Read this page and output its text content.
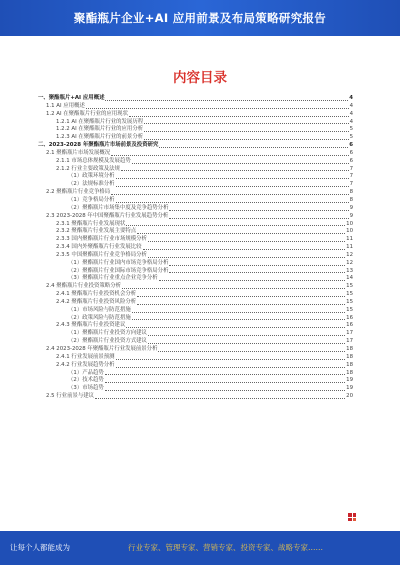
聚酯瓶片企业+AI 应用前景及布局策略研究报告
内容目录
一、聚酯瓶片+AI 应用概述	4
1.1 AI 应用概述	4
1.2 AI 在聚酯瓶片行业的应用现状	4
1.2.1 AI 在聚酯瓶片行业的发展历程	4
1.2.2 AI 在聚酯瓶片行业的应用分析	5
1.2.3 AI 在聚酯瓶片行业的前景分析	5
二、2023-2028 年聚酯瓶片市场前景及投资研究	6
2.1 聚酯瓶片市场发展概况	6
2.1.1 市场总体规模及发展趋势	6
2.1.2 行业主要政策及法规	7
（1）政策环境分析	7
（2）法规标准分析	7
2.2 聚酯瓶片行业竞争格局	8
（1）竞争格局分析	8
（2）聚酯瓶片市场集中度及竞争趋势分析	9
2.3 2023-2028 年中国聚酯瓶片行业发展趋势分析	9
2.3.1 聚酯瓶片行业发展现状	10
2.3.2 聚酯瓶片行业发展主要特点	10
2.3.3 国内聚酯瓶片行业市场规模分析	11
2.3.4 国内外聚酯瓶片行业发展比较	11
2.3.5 中国聚酯瓶片行业竞争格局分析	12
（1）聚酯瓶片行业国内市场竞争格局分析	12
（2）聚酯瓶片行业国际市场竞争格局分析	13
（3）聚酯瓶片行业重点企业竞争分析	14
2.4 聚酯瓶片行业投资策略分析	15
2.4.1 聚酯瓶片行业投资机会分析	15
2.4.2 聚酯瓶片行业投资风险分析	15
（1）市场风险与防范措施	15
（2）政策风险与防范措施	16
2.4.3 聚酯瓶片行业投资建议	16
（1）聚酯瓶片行业投资方向建议	17
（2）聚酯瓶片行业投资方式建议	17
2.4 2023-2028 年聚酯瓶片行业发展前景分析	18
2.4.1 行业发展前景预测	18
2.4.2 行业发展趋势分析	18
（1）产品趋势	18
（2）技术趋势	19
（3）市场趋势	19
2.5 行业前景与建议	20
让每个人都能成为	行业专家、管理专家、营销专家、投资专家、战略专家……
